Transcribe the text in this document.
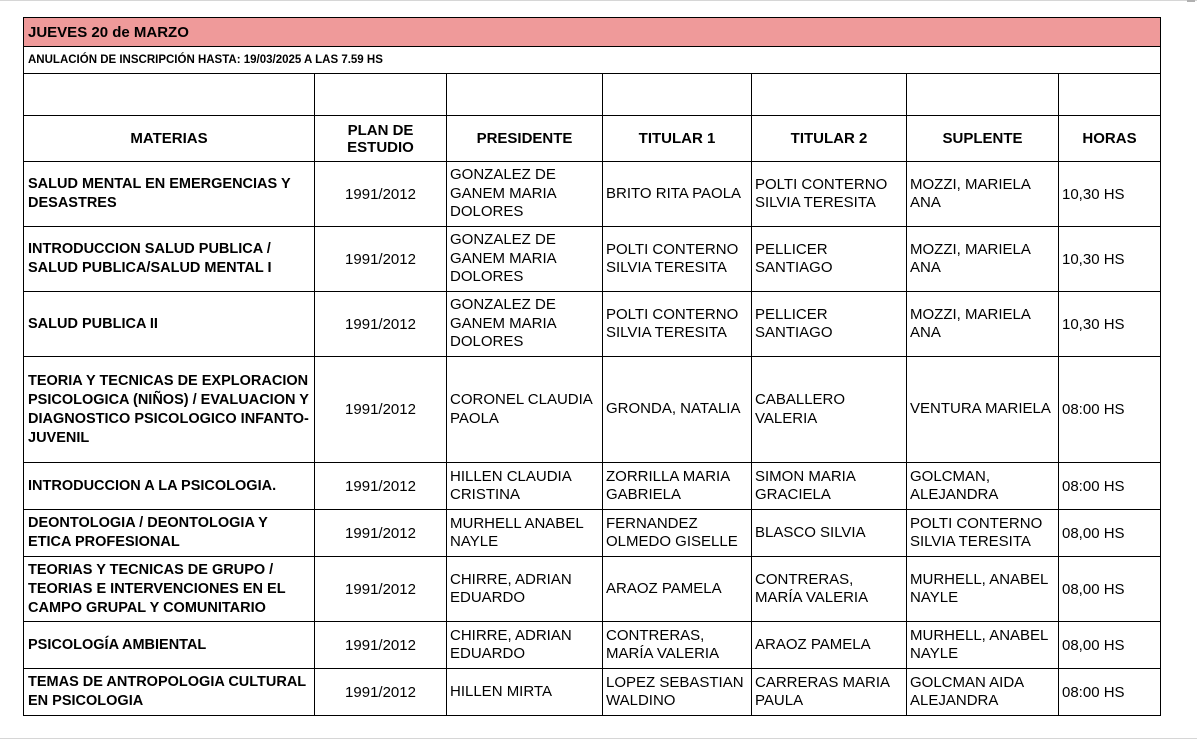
JUEVES 20 de MARZO						
ANULACIÓN DE INSCRIPCIÓN HASTA: 19/03/2025 A LAS 7.59 HS						

MATERIAS	PLAN DE ESTUDIO	PRESIDENTE	TITULAR 1	TITULAR 2	SUPLENTE	HORAS
SALUD MENTAL EN EMERGENCIAS Y DESASTRES	1991/2012	GONZALEZ DE GANEM MARIA DOLORES	BRITO RITA PAOLA	POLTI CONTERNO SILVIA TERESITA	MOZZI, MARIELA ANA	10,30 HS
INTRODUCCION SALUD PUBLICA / SALUD PUBLICA/SALUD MENTAL I	1991/2012	GONZALEZ DE GANEM MARIA DOLORES	POLTI CONTERNO SILVIA TERESITA	PELLICER SANTIAGO	MOZZI, MARIELA ANA	10,30 HS
SALUD PUBLICA II	1991/2012	GONZALEZ DE GANEM MARIA DOLORES	POLTI CONTERNO SILVIA TERESITA	PELLICER SANTIAGO	MOZZI, MARIELA ANA	10,30 HS
TEORIA Y TECNICAS DE EXPLORACION PSICOLOGICA (NIÑOS) / EVALUACION Y DIAGNOSTICO PSICOLOGICO INFANTO-JUVENIL	1991/2012	CORONEL CLAUDIA PAOLA	GRONDA, NATALIA	CABALLERO VALERIA	VENTURA MARIELA	08:00 HS
INTRODUCCION A LA PSICOLOGIA.	1991/2012	HILLEN CLAUDIA CRISTINA	ZORRILLA MARIA GABRIELA	SIMON MARIA GRACIELA	GOLCMAN, ALEJANDRA	08:00 HS
DEONTOLOGIA / DEONTOLOGIA Y ETICA PROFESIONAL	1991/2012	MURHELL ANABEL NAYLE	FERNANDEZ OLMEDO GISELLE	BLASCO SILVIA	POLTI CONTERNO SILVIA TERESITA	08,00 HS
TEORIAS Y TECNICAS DE GRUPO / TEORIAS E INTERVENCIONES EN EL CAMPO GRUPAL Y COMUNITARIO	1991/2012	CHIRRE, ADRIAN EDUARDO	ARAOZ PAMELA	CONTRERAS, MARÍA VALERIA	MURHELL, ANABEL NAYLE	08,00 HS
PSICOLOGÍA AMBIENTAL	1991/2012	CHIRRE, ADRIAN EDUARDO	CONTRERAS, MARÍA VALERIA	ARAOZ PAMELA	MURHELL, ANABEL NAYLE	08,00 HS
TEMAS DE ANTROPOLOGIA CULTURAL EN PSICOLOGIA	1991/2012	HILLEN MIRTA	LOPEZ SEBASTIAN WALDINO	CARRERAS MARIA PAULA	GOLCMAN AIDA ALEJANDRA	08:00 HS
